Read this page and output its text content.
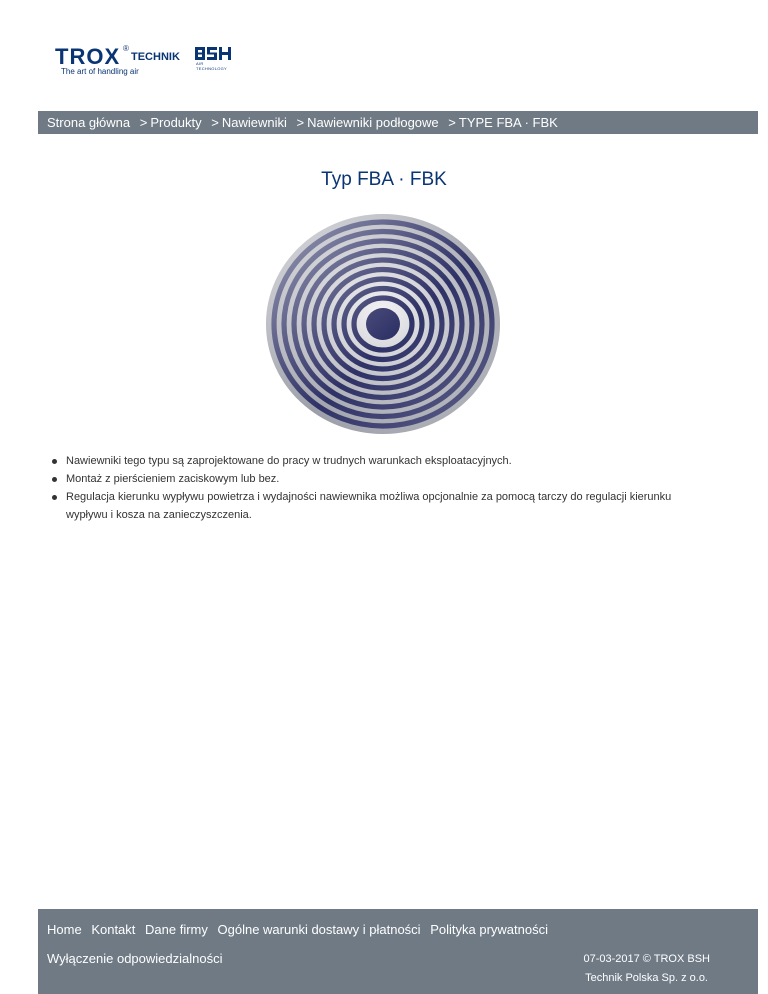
TROX ®
TECHNIK
AIR TECHNOLOGY
The art of handling air
Strona główna > Produkty > Nawiewniki > Nawiewniki podłogowe > TYPE FBA · FBK
Typ FBA · FBK
Nawiewniki tego typu są zaprojektowane do pracy w trudnych warunkach eksploatacyjnych.
Montaż z pierścieniem zaciskowym lub bez.
Regulacja kierunku wypływu powietrza i wydajności nawiewnika możliwa opcjonalnie za pomocą tarczy do regulacji kierunku wypływu i kosza na zanieczyszczenia.
Home Kontakt Dane firmy Ogólne warunki dostawy i płatności Polityka prywatności
Wyłączenie odpowiedzialności	07-03-2017 © TROX BSH
Technik Polska Sp. z o.o.
